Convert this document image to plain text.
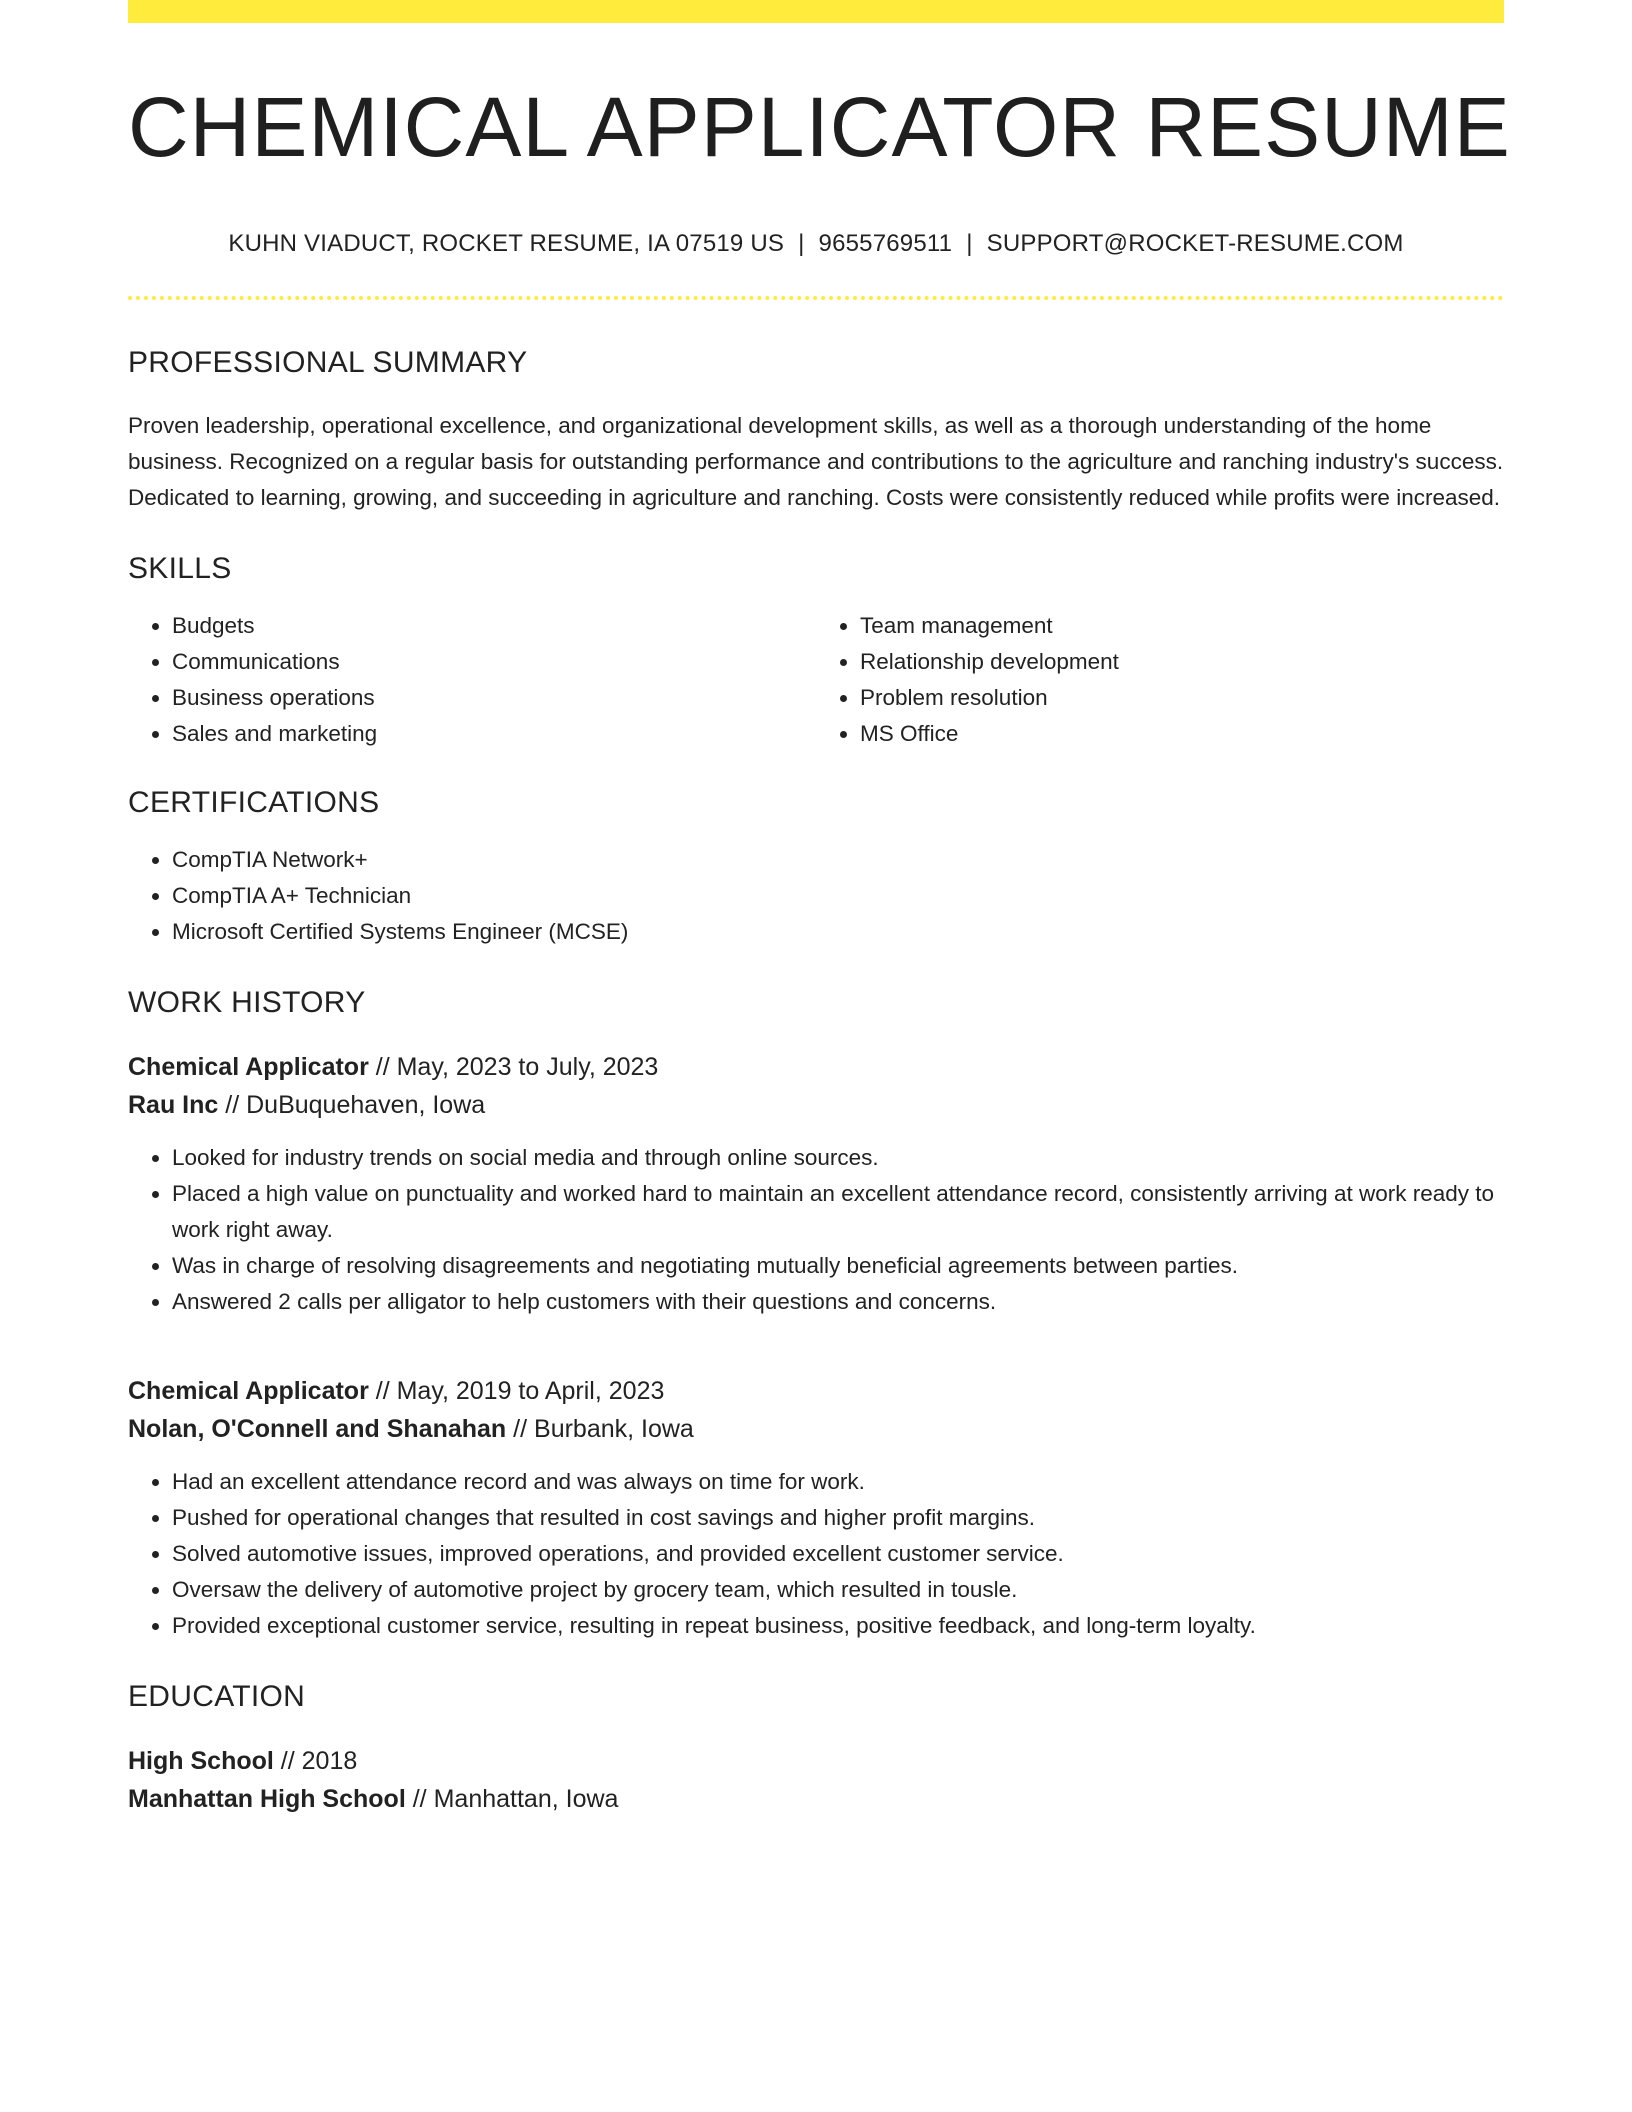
CHEMICAL APPLICATOR RESUME
KUHN VIADUCT, ROCKET RESUME, IA 07519 US | 9655769511 | SUPPORT@ROCKET-RESUME.COM
PROFESSIONAL SUMMARY

Proven leadership, operational excellence, and organizational development skills, as well as a thorough understanding of the home business. Recognized on a regular basis for outstanding performance and contributions to the agriculture and ranching industry's success. Dedicated to learning, growing, and succeeding in agriculture and ranching. Costs were consistently reduced while profits were increased.

SKILLS
• Budgets
• Communications
• Business operations
• Sales and marketing
• Team management
• Relationship development
• Problem resolution
• MS Office
CERTIFICATIONS
• CompTIA Network+
• CompTIA A+ Technician
• Microsoft Certified Systems Engineer (MCSE)
WORK HISTORY
Chemical Applicator // May, 2023 to July, 2023
Rau Inc // DuBuquehaven, Iowa
• Looked for industry trends on social media and through online sources.
• Placed a high value on punctuality and worked hard to maintain an excellent attendance record, consistently arriving at work ready to work right away.
• Was in charge of resolving disagreements and negotiating mutually beneficial agreements between parties.
• Answered 2 calls per alligator to help customers with their questions and concerns.
Chemical Applicator // May, 2019 to April, 2023
Nolan, O'Connell and Shanahan // Burbank, Iowa
• Had an excellent attendance record and was always on time for work.
• Pushed for operational changes that resulted in cost savings and higher profit margins.
• Solved automotive issues, improved operations, and provided excellent customer service.
• Oversaw the delivery of automotive project by grocery team, which resulted in tousle.
• Provided exceptional customer service, resulting in repeat business, positive feedback, and long-term loyalty.
EDUCATION
High School // 2018
Manhattan High School // Manhattan, Iowa
